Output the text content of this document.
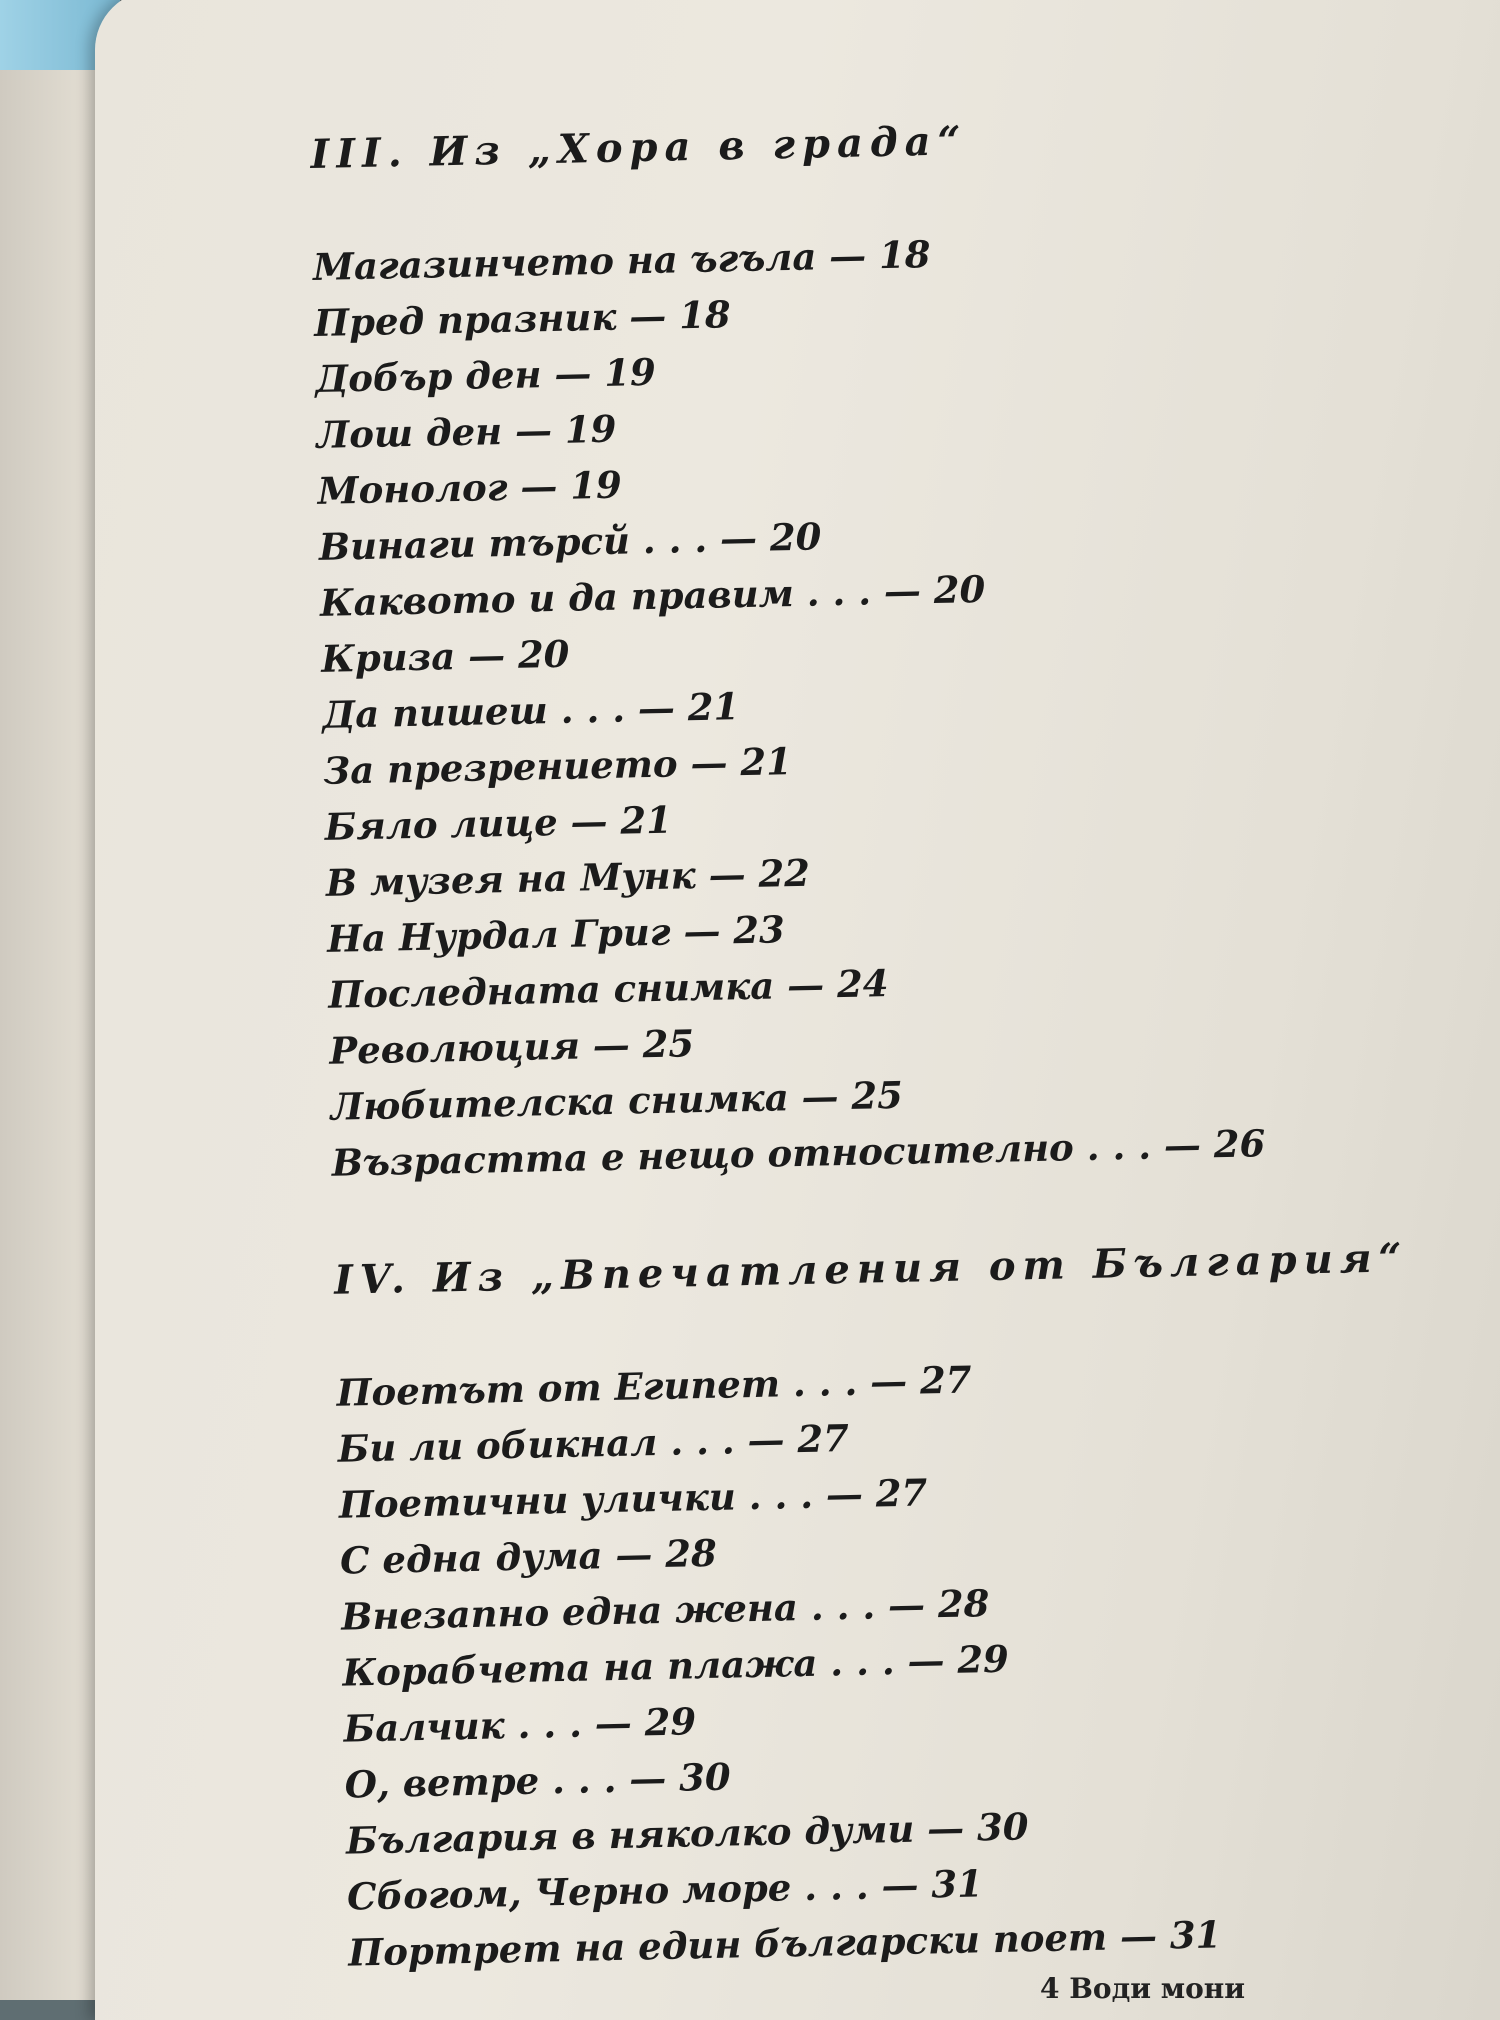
III. Из „Хора в града“
Магазинчето на ъгъла — 18
Пред празник — 18
Добър ден — 19
Лош ден — 19
Монолог — 19
Винаги търсй . . . — 20
Каквото и да правим . . . — 20
Криза — 20
Да пишеш . . . — 21
За презрението — 21
Бяло лице — 21
В музея на Мунк — 22
На Нурдал Григ — 23
Последната снимка — 24
Революция — 25
Любителска снимка — 25
Възрастта е нещо относително . . . — 26
IV. Из „Впечатления от България“
Поетът от Египет . . . — 27
Би ли обикнал . . . — 27
Поетични улички . . . — 27
С една дума — 28
Внезапно една жена . . . — 28
Корабчета на плажа . . . — 29
Балчик . . . — 29
О, ветре . . . — 30
България в няколко думи — 30
Сбогом, Черно море . . . — 31
Портрет на един български поет — 31
4 Води мони
